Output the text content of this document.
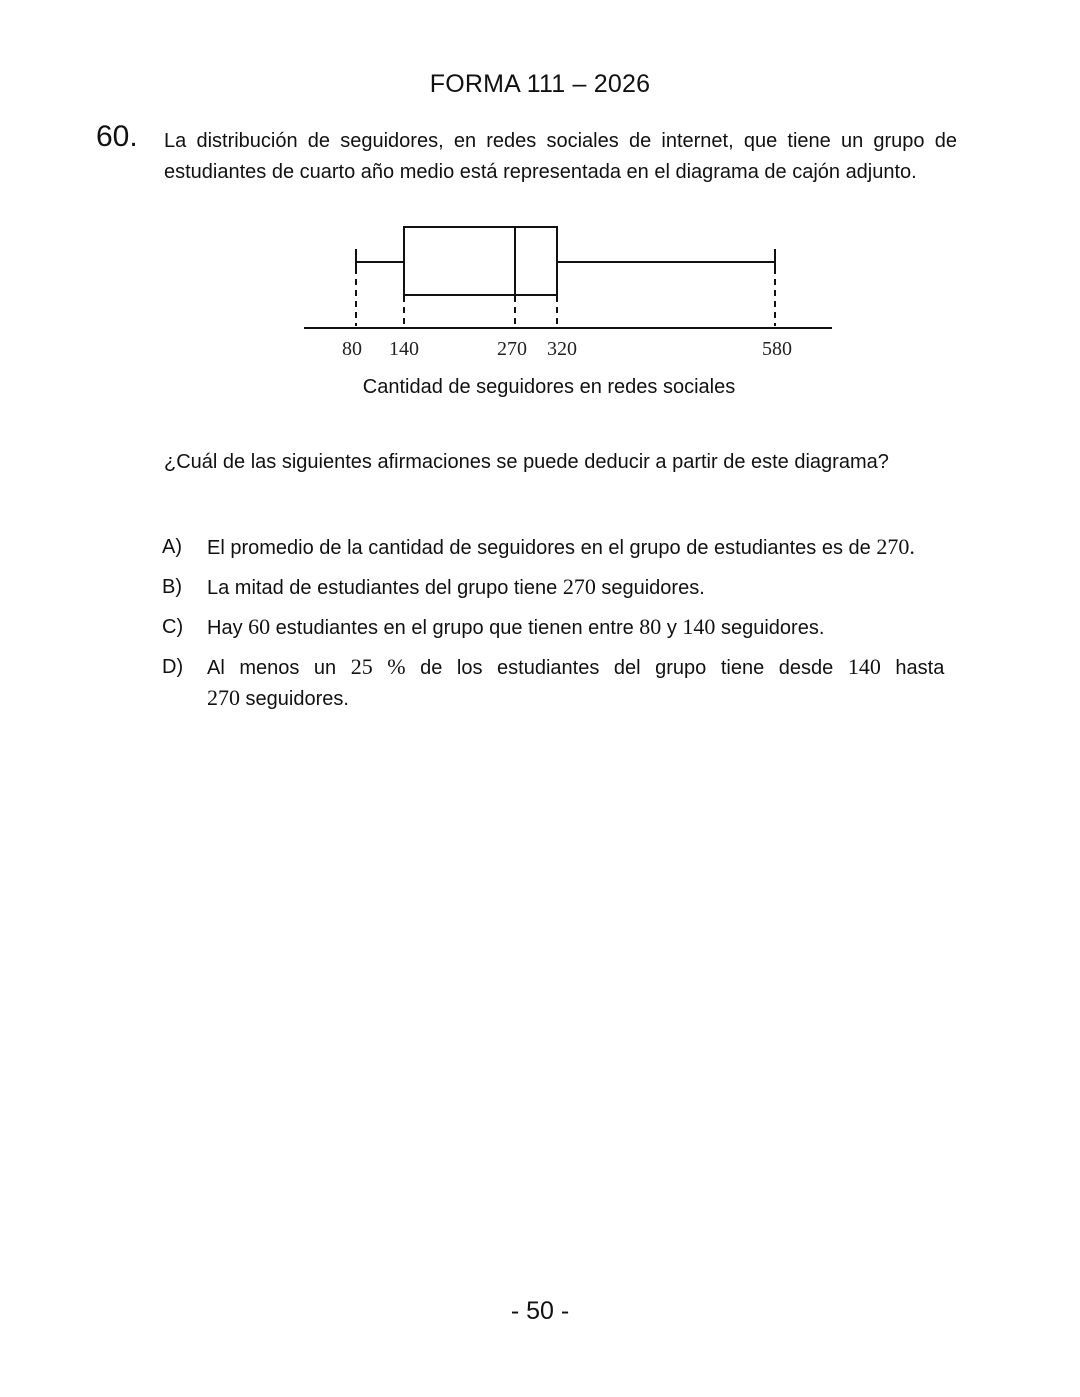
FORMA 111 – 2026
60. La distribución de seguidores, en redes sociales de internet, que tiene un grupo de
estudiantes de cuarto año medio está representada en el diagrama de cajón adjunto.
80 140	270 320	580
Cantidad de seguidores en redes sociales
¿Cuál de las siguientes afirmaciones se puede deducir a partir de este diagrama?
A) El promedio de la cantidad de seguidores en el grupo de estudiantes es de 270.
B) La mitad de estudiantes del grupo tiene 270 seguidores.
C) Hay 60 estudiantes en el grupo que tienen entre 80 y 140 seguidores.
D) Al menos un 25 % de los estudiantes del grupo tiene desde 140 hasta
270 seguidores.
- 50 -
